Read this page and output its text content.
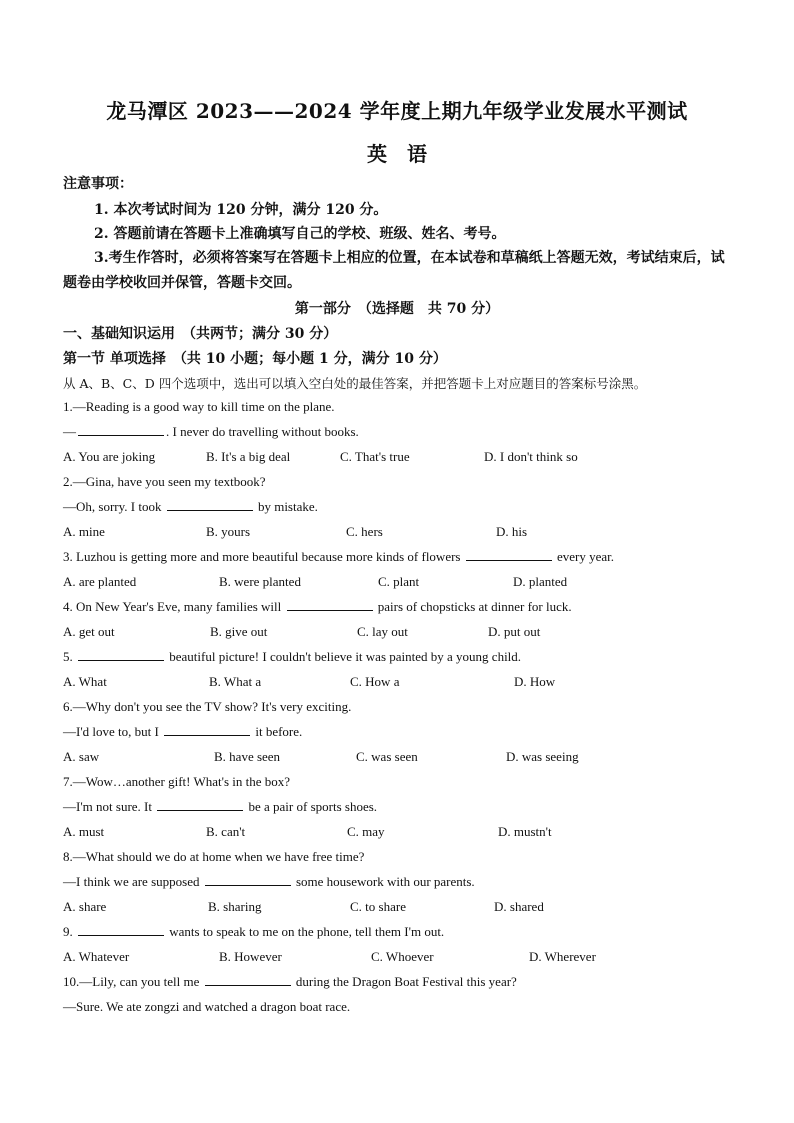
龙马潭区 2023——2024 学年度上期九年级学业发展水平测试
英　语
注意事项：
1. 本次考试时间为 120 分钟，满分 120 分。
2. 答题前请在答题卡上准确填写自己的学校、班级、姓名、考号。
3.考生作答时，必须将答案写在答题卡上相应的位置，在本试卷和草稿纸上答题无效，考试结束后，试题卷由学校收回并保管，答题卡交回。
第一部分　（选择题　共 70 分）
一、基础知识运用　（共两节；满分 30 分）
第一节 单项选择　（共 10 小题；每小题 1 分，满分 10 分）
从 A、B、C、D 四个选项中，选出可以填入空白处的最佳答案，并把答题卡上对应题目的答案标号涂黑。
1.—Reading is a good way to kill time on the plane.
—	. I never do travelling without books.
A. You are joking	B. It's a big deal	C. That's true	D. I don't think so
2.—Gina, have you seen my textbook?
—Oh, sorry. I took	by mistake.
A. mine	B. yours	C. hers	D. his
3. Luzhou is getting more and more beautiful because more kinds of flowers	every year.
A. are planted	B. were planted	C. plant	D. planted
4. On New Year's Eve, many families will	pairs of chopsticks at dinner for luck.
A. get out	B. give out	C. lay out	D. put out
5.	beautiful picture! I couldn't believe it was painted by a young child.
A. What	B. What a	C. How a	D. How
6.—Why don't you see the TV show? It's very exciting.
—I'd love to, but I	it before.
A. saw	B. have seen	C. was seen	D. was seeing
7.—Wow…another gift! What's in the box?
—I'm not sure. It	be a pair of sports shoes.
A. must	B. can't	C. may	D. mustn't
8.—What should we do at home when we have free time?
—I think we are supposed	some housework with our parents.
A. share	B. sharing	C. to share	D. shared
9.	wants to speak to me on the phone, tell them I'm out.
A. Whatever	B. However	C. Whoever	D. Wherever
10.—Lily, can you tell me	during the Dragon Boat Festival this year?
—Sure. We ate zongzi and watched a dragon boat race.
